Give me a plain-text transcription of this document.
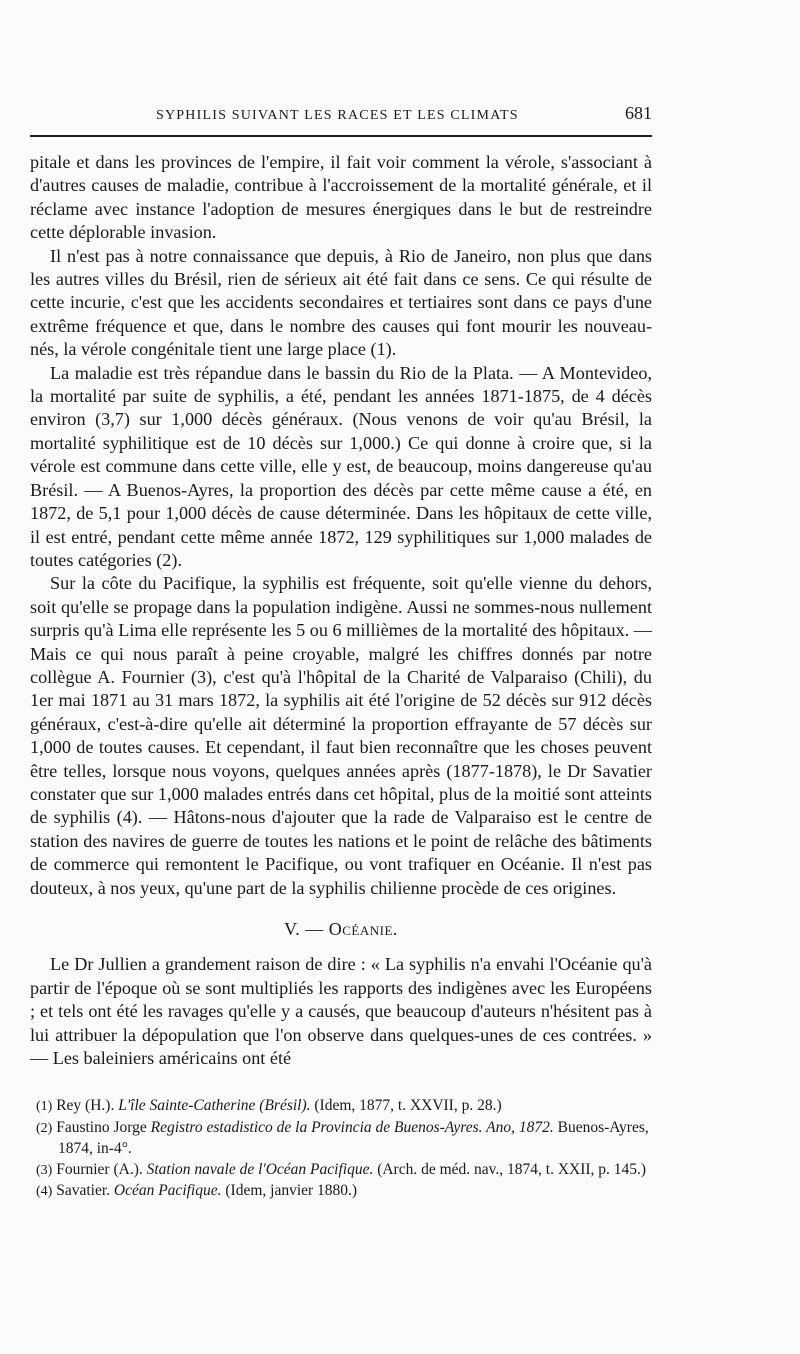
SYPHILIS SUIVANT LES RACES ET LES CLIMATS	681

pitale et dans les provinces de l'empire, il fait voir comment la vérole, s'associant à d'autres causes de maladie, contribue à l'accroissement de la mortalité générale, et il réclame avec instance l'adoption de mesures énergiques dans le but de restreindre cette déplorable invasion.

Il n'est pas à notre connaissance que depuis, à Rio de Janeiro, non plus que dans les autres villes du Brésil, rien de sérieux ait été fait dans ce sens. Ce qui résulte de cette incurie, c'est que les accidents secondaires et tertiaires sont dans ce pays d'une extrême fréquence et que, dans le nombre des causes qui font mourir les nouveau-nés, la vérole congénitale tient une large place (1).

La maladie est très répandue dans le bassin du Rio de la Plata. — A Montevideo, la mortalité par suite de syphilis, a été, pendant les années 1871-1875, de 4 décès environ (3,7) sur 1,000 décès généraux. (Nous venons de voir qu'au Brésil, la mortalité syphilitique est de 10 décès sur 1,000.) Ce qui donne à croire que, si la vérole est commune dans cette ville, elle y est, de beaucoup, moins dangereuse qu'au Brésil. — A Buenos-Ayres, la proportion des décès par cette même cause a été, en 1872, de 5,1 pour 1,000 décès de cause déterminée. Dans les hôpitaux de cette ville, il est entré, pendant cette même année 1872, 129 syphilitiques sur 1,000 malades de toutes catégories (2).

Sur la côte du Pacifique, la syphilis est fréquente, soit qu'elle vienne du dehors, soit qu'elle se propage dans la population indigène. Aussi ne sommes-nous nullement surpris qu'à Lima elle représente les 5 ou 6 millièmes de la mortalité des hôpitaux. — Mais ce qui nous paraît à peine croyable, malgré les chiffres donnés par notre collègue A. Fournier (3), c'est qu'à l'hôpital de la Charité de Valparaiso (Chili), du 1er mai 1871 au 31 mars 1872, la syphilis ait été l'origine de 52 décès sur 912 décès généraux, c'est-à-dire qu'elle ait déterminé la proportion effrayante de 57 décès sur 1,000 de toutes causes. Et cependant, il faut bien reconnaître que les choses peuvent être telles, lorsque nous voyons, quelques années après (1877-1878), le Dr Savatier constater que sur 1,000 malades entrés dans cet hôpital, plus de la moitié sont atteints de syphilis (4). — Hâtons-nous d'ajouter que la rade de Valparaiso est le centre de station des navires de guerre de toutes les nations et le point de relâche des bâtiments de commerce qui remontent le Pacifique, ou vont trafiquer en Océanie. Il n'est pas douteux, à nos yeux, qu'une part de la syphilis chilienne procède de ces origines.

V. — Océanie.

Le Dr Jullien a grandement raison de dire : « La syphilis n'a envahi l'Océanie qu'à partir de l'époque où se sont multipliés les rapports des indigènes avec les Européens ; et tels ont été les ravages qu'elle y a causés, que beaucoup d'auteurs n'hésitent pas à lui attribuer la dépopulation que l'on observe dans quelques-unes de ces contrées. » — Les baleiniers américains ont été

(1) Rey (H.). L'île Sainte-Catherine (Brésil). (Idem, 1877, t. XXVII, p. 28.)

(2) Faustino Jorge Registro estadistico de la Provincia de Buenos-Ayres. Ano, 1872. Buenos-Ayres, 1874, in-4°.

(3) Fournier (A.). Station navale de l'Océan Pacifique. (Arch. de méd. nav., 1874, t. XXII, p. 145.)

(4) Savatier. Océan Pacifique. (Idem, janvier 1880.)
